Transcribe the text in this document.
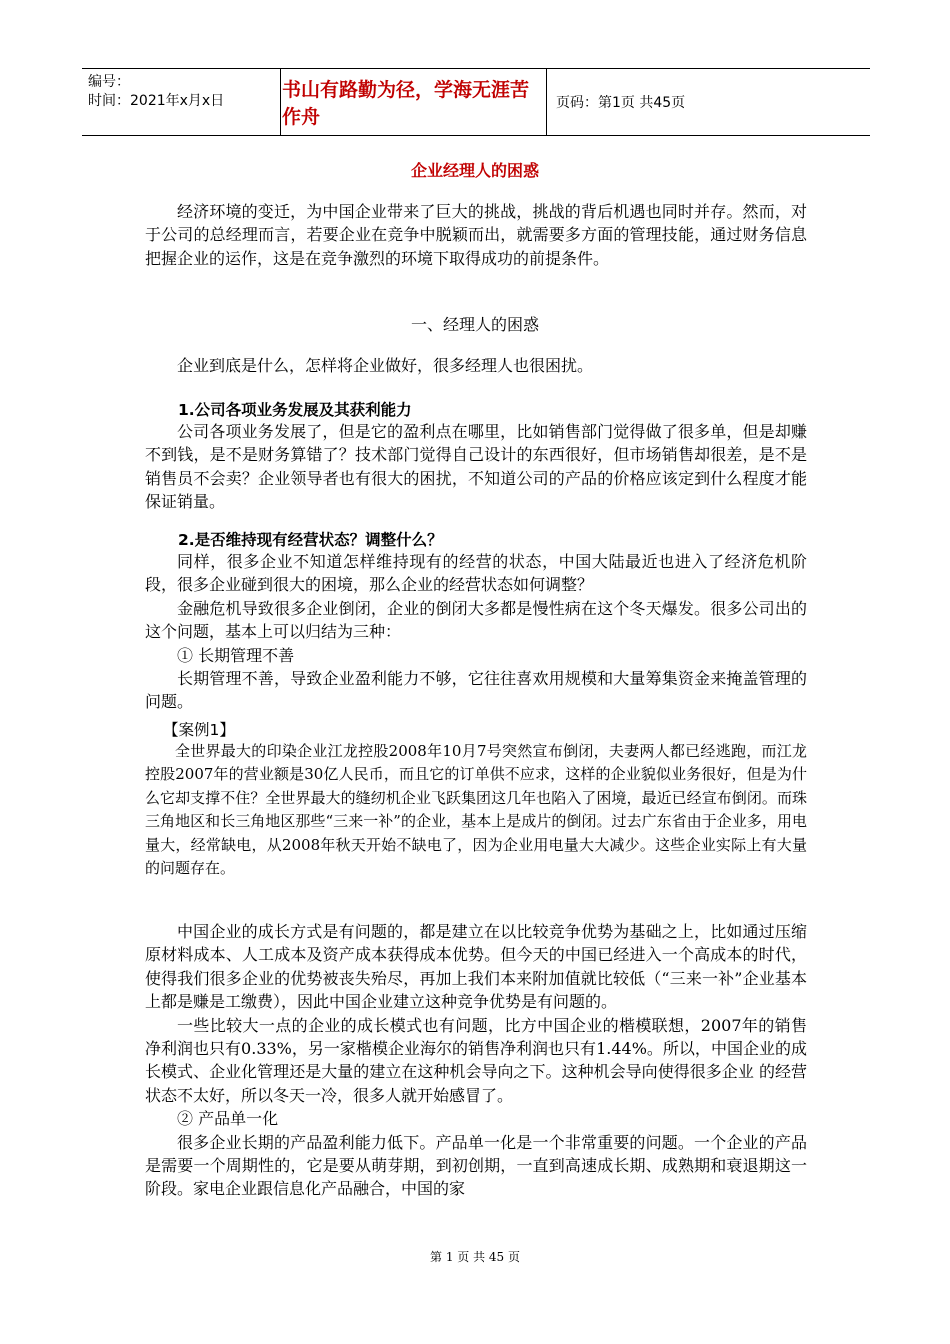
编号：
时间：2021年x月x日	书山有路勤为径，学海无涯苦作舟
页码：第1页 共45页
企业经理人的困惑

经济环境的变迁，为中国企业带来了巨大的挑战，挑战的背后机遇也同时并存。然而，对于公司的总经理而言，若要企业在竞争中脱颖而出，就需要多方面的管理技能，通过财务信息把握企业的运作，这是在竞争激烈的环境下取得成功的前提条件。

一、经理人的困惑

企业到底是什么，怎样将企业做好，很多经理人也很困扰。

1.公司各项业务发展及其获利能力

公司各项业务发展了，但是它的盈利点在哪里，比如销售部门觉得做了很多单，但是却赚不到钱，是不是财务算错了？技术部门觉得自己设计的东西很好，但市场销售却很差，是不是销售员不会卖？企业领导者也有很大的困扰，不知道公司的产品的价格应该定到什么程度才能保证销量。

2.是否维持现有经营状态？调整什么？

同样，很多企业不知道怎样维持现有的经营的状态，中国大陆最近也进入了经济危机阶段，很多企业碰到很大的困境，那么企业的经营状态如何调整？

金融危机导致很多企业倒闭，企业的倒闭大多都是慢性病在这个冬天爆发。很多公司出的这个问题，基本上可以归结为三种：

① 长期管理不善

长期管理不善，导致企业盈利能力不够，它往往喜欢用规模和大量筹集资金来掩盖管理的问题。

【案例1】

全世界最大的印染企业江龙控股2008年10月7号突然宣布倒闭，夫妻两人都已经逃跑，而江龙控股2007年的营业额是30亿人民币，而且它的订单供不应求，这样的企业貌似业务很好，但是为什么它却支撑不住？全世界最大的缝纫机企业飞跃集团这几年也陷入了困境，最近已经宣布倒闭。而珠三角地区和长三角地区那些“三来一补”的企业，基本上是成片的倒闭。过去广东省由于企业多，用电量大，经常缺电，从2008年秋天开始不缺电了，因为企业用电量大大减少。这些企业实际上有大量的问题存在。

中国企业的成长方式是有问题的，都是建立在以比较竞争优势为基础之上，比如通过压缩原材料成本、人工成本及资产成本获得成本优势。但今天的中国已经进入一个高成本的时代，使得我们很多企业的优势被丧失殆尽，再加上我们本来附加值就比较低（“三来一补”企业基本上都是赚是工缴费），因此中国企业建立这种竞争优势是有问题的。

一些比较大一点的企业的成长模式也有问题，比方中国企业的楷模联想，2007年的销售净利润也只有0.33%，另一家楷模企业海尔的销售净利润也只有1.44%。所以，中国企业的成长模式、企业化管理还是大量的建立在这种机会导向之下。这种机会导向使得很多企业 的经营状态不太好，所以冬天一冷，很多人就开始感冒了。

② 产品单一化

很多企业长期的产品盈利能力低下。产品单一化是一个非常重要的问题。一个企业的产品是需要一个周期性的，它是要从萌芽期，到初创期，一直到高速成长期、成熟期和衰退期这一阶段。家电企业跟信息化产品融合，中国的家

第 1 页 共 45 页
